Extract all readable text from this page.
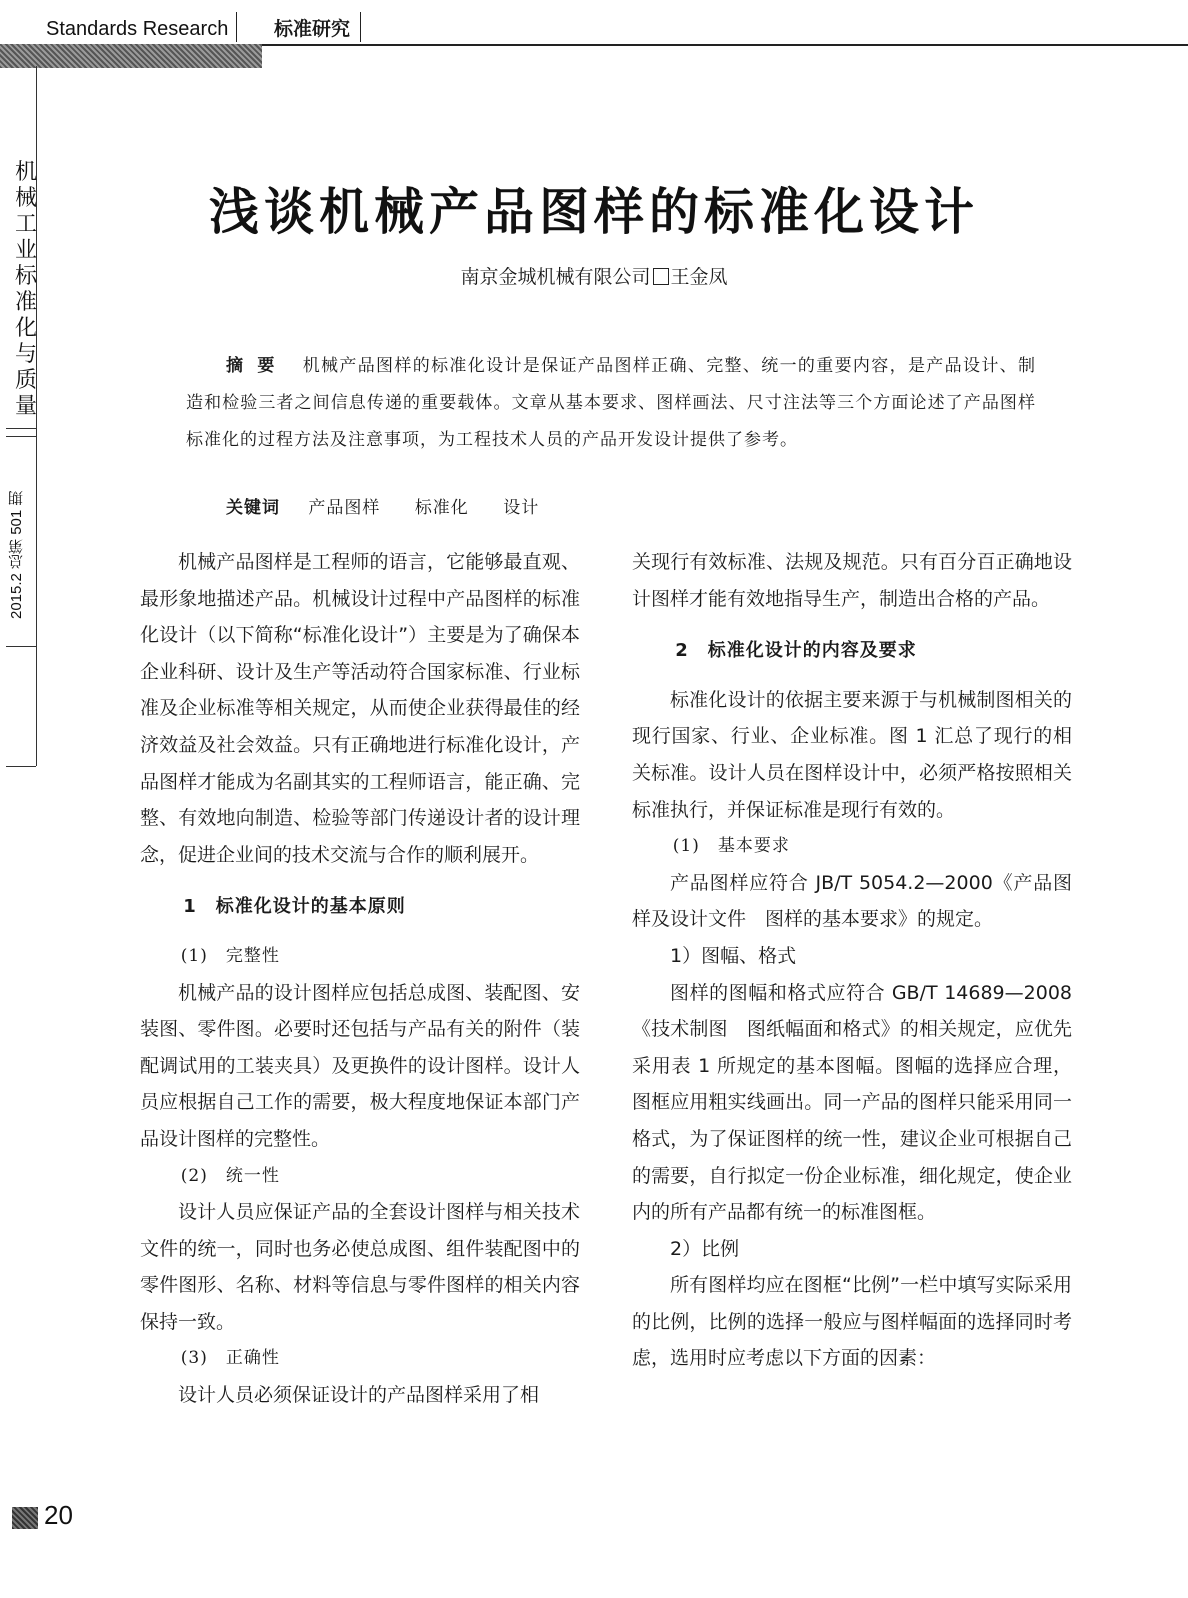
Standards Research	标准研究
机械工业标准化与质量
2015.2 总第 501 期
浅谈机械产品图样的标准化设计
南京金城机械有限公司 王金凤
摘要 机械产品图样的标准化设计是保证产品图样正确、完整、统一的重要内容，是产品设计、制造和检验三者之间信息传递的重要载体。文章从基本要求、图样画法、尺寸注法等三个方面论述了产品图样标准化的过程方法及注意事项，为工程技术人员的产品开发设计提供了参考。
关键词 产品图样 标准化 设计

机械产品图样是工程师的语言，它能够最直观、最形象地描述产品。机械设计过程中产品图样的标准化设计（以下简称“标准化设计”）主要是为了确保本企业科研、设计及生产等活动符合国家标准、行业标准及企业标准等相关规定，从而使企业获得最佳的经济效益及社会效益。只有正确地进行标准化设计，产品图样才能成为名副其实的工程师语言，能正确、完整、有效地向制造、检验等部门传递设计者的设计理念，促进企业间的技术交流与合作的顺利展开。

1　标准化设计的基本原则

(1)　完整性

机械产品的设计图样应包括总成图、装配图、安装图、零件图。必要时还包括与产品有关的附件（装配调试用的工装夹具）及更换件的设计图样。设计人员应根据自己工作的需要，极大程度地保证本部门产品设计图样的完整性。

(2)　统一性

设计人员应保证产品的全套设计图样与相关技术文件的统一，同时也务必使总成图、组件装配图中的零件图形、名称、材料等信息与零件图样的相关内容保持一致。

(3)　正确性

设计人员必须保证设计的产品图样采用了相

关现行有效标准、法规及规范。只有百分百正确地设计图样才能有效地指导生产，制造出合格的产品。

2　标准化设计的内容及要求

标准化设计的依据主要来源于与机械制图相关的现行国家、行业、企业标准。图 1 汇总了现行的相关标准。设计人员在图样设计中，必须严格按照相关标准执行，并保证标准是现行有效的。

(1)　基本要求

产品图样应符合 JB/T 5054.2—2000《产品图样及设计文件　图样的基本要求》的规定。

1）图幅、格式

图样的图幅和格式应符合 GB/T 14689—2008《技术制图　图纸幅面和格式》的相关规定，应优先采用表 1 所规定的基本图幅。图幅的选择应合理，图框应用粗实线画出。同一产品的图样只能采用同一格式，为了保证图样的统一性，建议企业可根据自己的需要，自行拟定一份企业标准，细化规定，使企业内的所有产品都有统一的标准图框。

2）比例

所有图样均应在图框“比例”一栏中填写实际采用的比例，比例的选择一般应与图样幅面的选择同时考虑，选用时应考虑以下方面的因素：

20
